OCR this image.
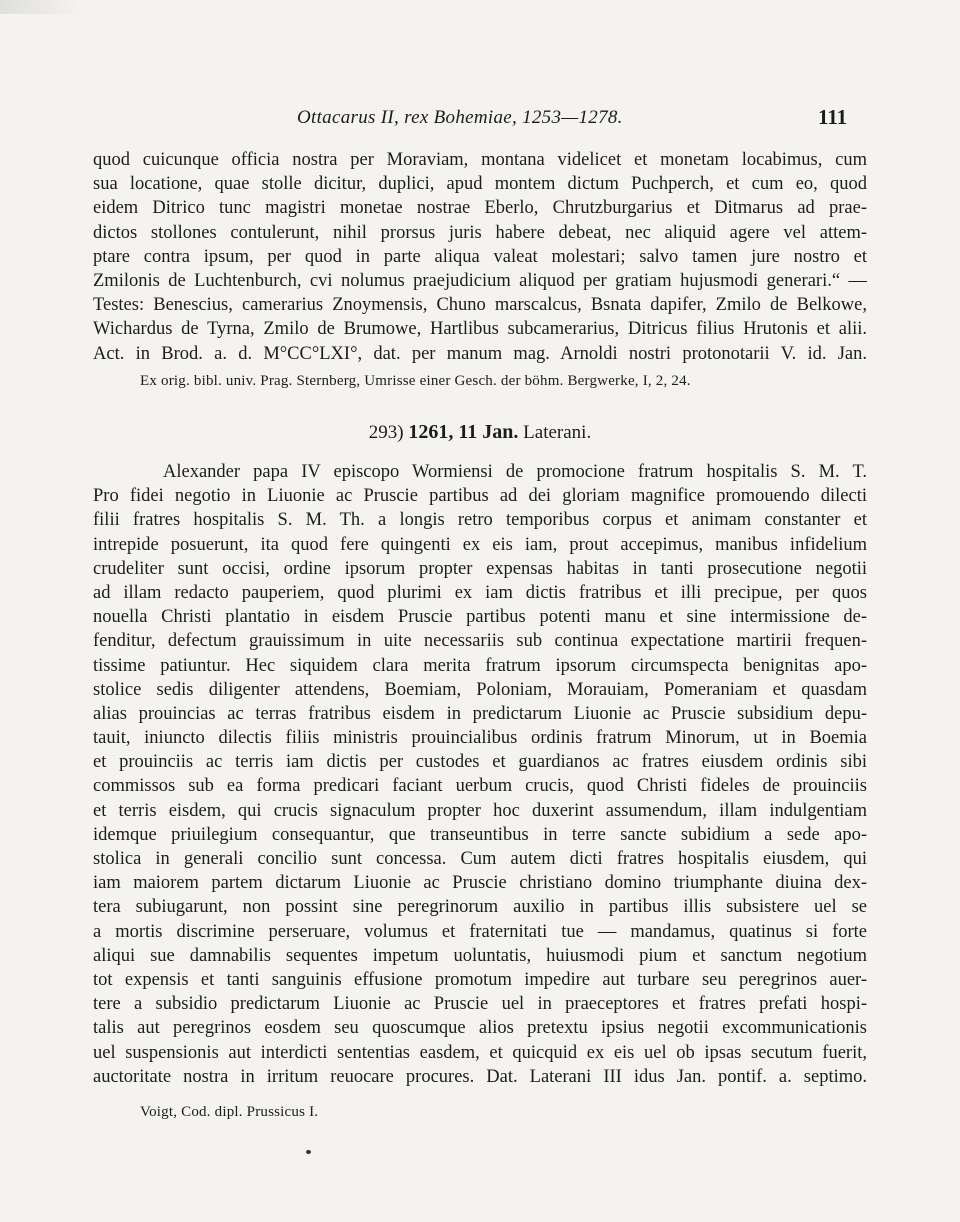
Ottacarus II, rex Bohemiae, 1253—1278.	111
quod cuicunque officia nostra per Moraviam, montana videlicet et monetam locabimus, cum
sua locatione, quae stolle dicitur, duplici, apud montem dictum Puchperch, et cum eo, quod
eidem Ditrico tunc magistri monetae nostrae Eberlo, Chrutzburgarius et Ditmarus ad prae-
dictos stollones contulerunt, nihil prorsus juris habere debeat, nec aliquid agere vel attem-
ptare contra ipsum, per quod in parte aliqua valeat molestari; salvo tamen jure nostro et
Zmilonis de Luchtenburch, cvi nolumus praejudicium aliquod per gratiam hujusmodi generari.“ —
Testes: Benescius, camerarius Znoymensis, Chuno marscalcus, Bsnata dapifer, Zmilo de Belkowe,
Wichardus de Tyrna, Zmilo de Brumowe, Hartlibus subcamerarius, Ditricus filius Hrutonis et alii.
Act. in Brod. a. d. M°CC°LXI°, dat. per manum mag. Arnoldi nostri protonotarii V. id. Jan.
Ex orig. bibl. univ. Prag. Sternberg, Umrisse einer Gesch. der böhm. Bergwerke, I, 2, 24.
293) 1261, 11 Jan. Laterani.
Alexander papa IV episcopo Wormiensi de promocione fratrum hospitalis S. M. T.
Pro fidei negotio in Liuonie ac Pruscie partibus ad dei gloriam magnifice promouendo dilecti
filii fratres hospitalis S. M. Th. a longis retro temporibus corpus et animam constanter et
intrepide posuerunt, ita quod fere quingenti ex eis iam, prout accepimus, manibus infidelium
crudeliter sunt occisi, ordine ipsorum propter expensas habitas in tanti prosecutione negotii
ad illam redacto pauperiem, quod plurimi ex iam dictis fratribus et illi precipue, per quos
nouella Christi plantatio in eisdem Pruscie partibus potenti manu et sine intermissione de-
fenditur, defectum grauissimum in uite necessariis sub continua expectatione martirii frequen-
tissime patiuntur. Hec siquidem clara merita fratrum ipsorum circumspecta benignitas apo-
stolice sedis diligenter attendens, Boemiam, Poloniam, Morauiam, Pomeraniam et quasdam
alias prouincias ac terras fratribus eisdem in predictarum Liuonie ac Pruscie subsidium depu-
tauit, iniuncto dilectis filiis ministris prouincialibus ordinis fratrum Minorum, ut in Boemia
et prouinciis ac terris iam dictis per custodes et guardianos ac fratres eiusdem ordinis sibi
commissos sub ea forma predicari faciant uerbum crucis, quod Christi fideles de prouinciis
et terris eisdem, qui crucis signaculum propter hoc duxerint assumendum, illam indulgentiam
idemque priuilegium consequantur, que transeuntibus in terre sancte subidium a sede apo-
stolica in generali concilio sunt concessa. Cum autem dicti fratres hospitalis eiusdem, qui
iam maiorem partem dictarum Liuonie ac Pruscie christiano domino triumphante diuina dex-
tera subiugarunt, non possint sine peregrinorum auxilio in partibus illis subsistere uel se
a mortis discrimine perseruare, volumus et fraternitati tue — mandamus, quatinus si forte
aliqui sue damnabilis sequentes impetum uoluntatis, huiusmodi pium et sanctum negotium
tot expensis et tanti sanguinis effusione promotum impedire aut turbare seu peregrinos auer-
tere a subsidio predictarum Liuonie ac Pruscie uel in praeceptores et fratres prefati hospi-
talis aut peregrinos eosdem seu quoscumque alios pretextu ipsius negotii excommunicationis
uel suspensionis aut interdicti sententias easdem, et quicquid ex eis uel ob ipsas secutum fuerit,
auctoritate nostra in irritum reuocare procures. Dat. Laterani III idus Jan. pontif. a. septimo.
Voigt, Cod. dipl. Prussicus I.
